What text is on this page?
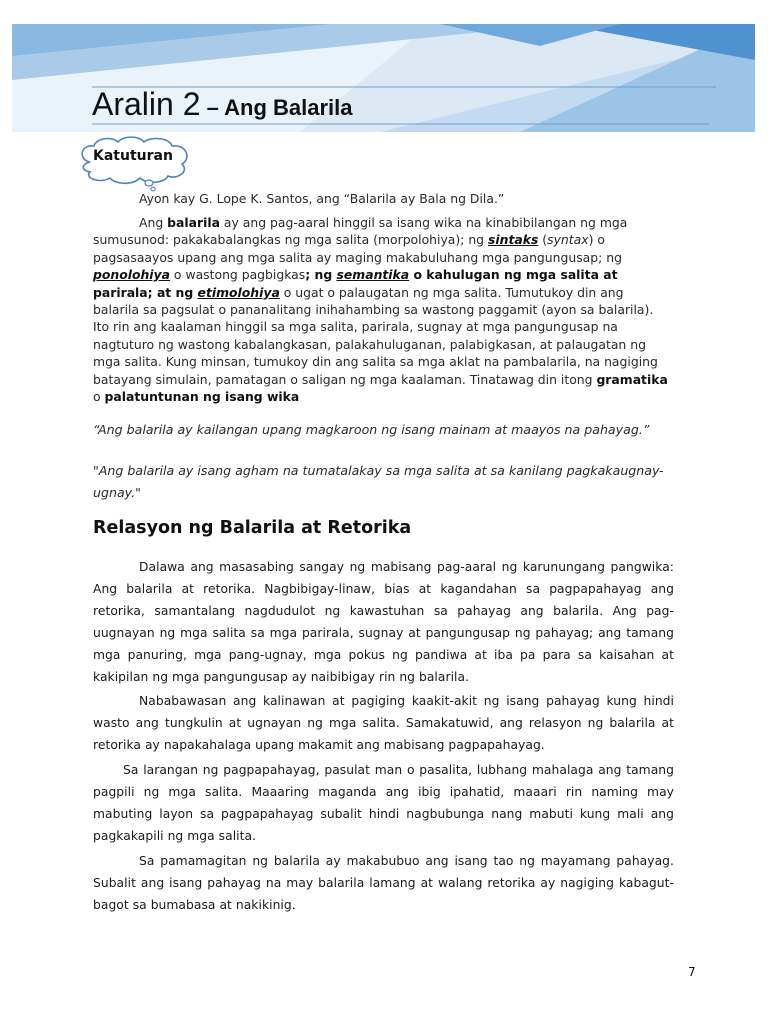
Aralin 2 – Ang Balarila
Katuturan

Ayon kay G. Lope K. Santos, ang “Balarila ay Bala ng Dila.”

Ang balarila ay ang pag-aaral hinggil sa isang wika na kinabibilangan ng mga sumusunod: pakakabalangkas ng mga salita (morpolohiya); ng sintaks (syntax) o pagsasaayos upang ang mga salita ay maging makabuluhang mga pangungusap; ng ponolohiya o wastong pagbigkas; ng semantika o kahulugan ng mga salita at parirala; at ng etimolohiya o ugat o palaugatan ng mga salita. Tumutukoy din ang balarila sa pagsulat o pananalitang inihahambing sa wastong paggamit (ayon sa balarila). Ito rin ang kaalaman hinggil sa mga salita, parirala, sugnay at mga pangungusap na nagtuturo ng wastong kabalangkasan, palakahuluganan, palabigkasan, at palaugatan ng mga salita. Kung minsan, tumukoy din ang salita sa mga aklat na pambalarila, na nagiging batayang simulain, pamatagan o saligan ng mga kaalaman. Tinatawag din itong gramatika o palatuntunan ng isang wika

“Ang balarila ay kailangan upang magkaroon ng isang mainam at maayos na pahayag.”

"Ang balarila ay isang agham na tumatalakay sa mga salita at sa kanilang pagkakaugnay-ugnay."

Relasyon ng Balarila at Retorika

Dalawa ang masasabing sangay ng mabisang pag-aaral ng karunungang pangwika: Ang balarila at retorika. Nagbibigay-linaw, bias at kagandahan sa pagpapahayag ang retorika, samantalang nagdudulot ng kawastuhan sa pahayag ang balarila. Ang pag-uugnayan ng mga salita sa mga parirala, sugnay at pangungusap ng pahayag; ang tamang mga panuring, mga pang-ugnay, mga pokus ng pandiwa at iba pa para sa kaisahan at kakipilan ng mga pangungusap ay naibibigay rin ng balarila.

Nababawasan ang kalinawan at pagiging kaakit-akit ng isang pahayag kung hindi wasto ang tungkulin at ugnayan ng mga salita. Samakatuwid, ang relasyon ng balarila at retorika ay napakahalaga upang makamit ang mabisang pagpapahayag.

Sa larangan ng pagpapahayag, pasulat man o pasalita, lubhang mahalaga ang tamang pagpili ng mga salita. Maaaring maganda ang ibig ipahatid, maaari rin naming may mabuting layon sa pagpapahayag subalit hindi nagbubunga nang mabuti kung mali ang pagkakapili ng mga salita.

Sa pamamagitan ng balarila ay makabubuo ang isang tao ng mayamang pahayag. Subalit ang isang pahayag na may balarila lamang at walang retorika ay nagiging kabagut-bagot sa bumabasa at nakikinig.

7
